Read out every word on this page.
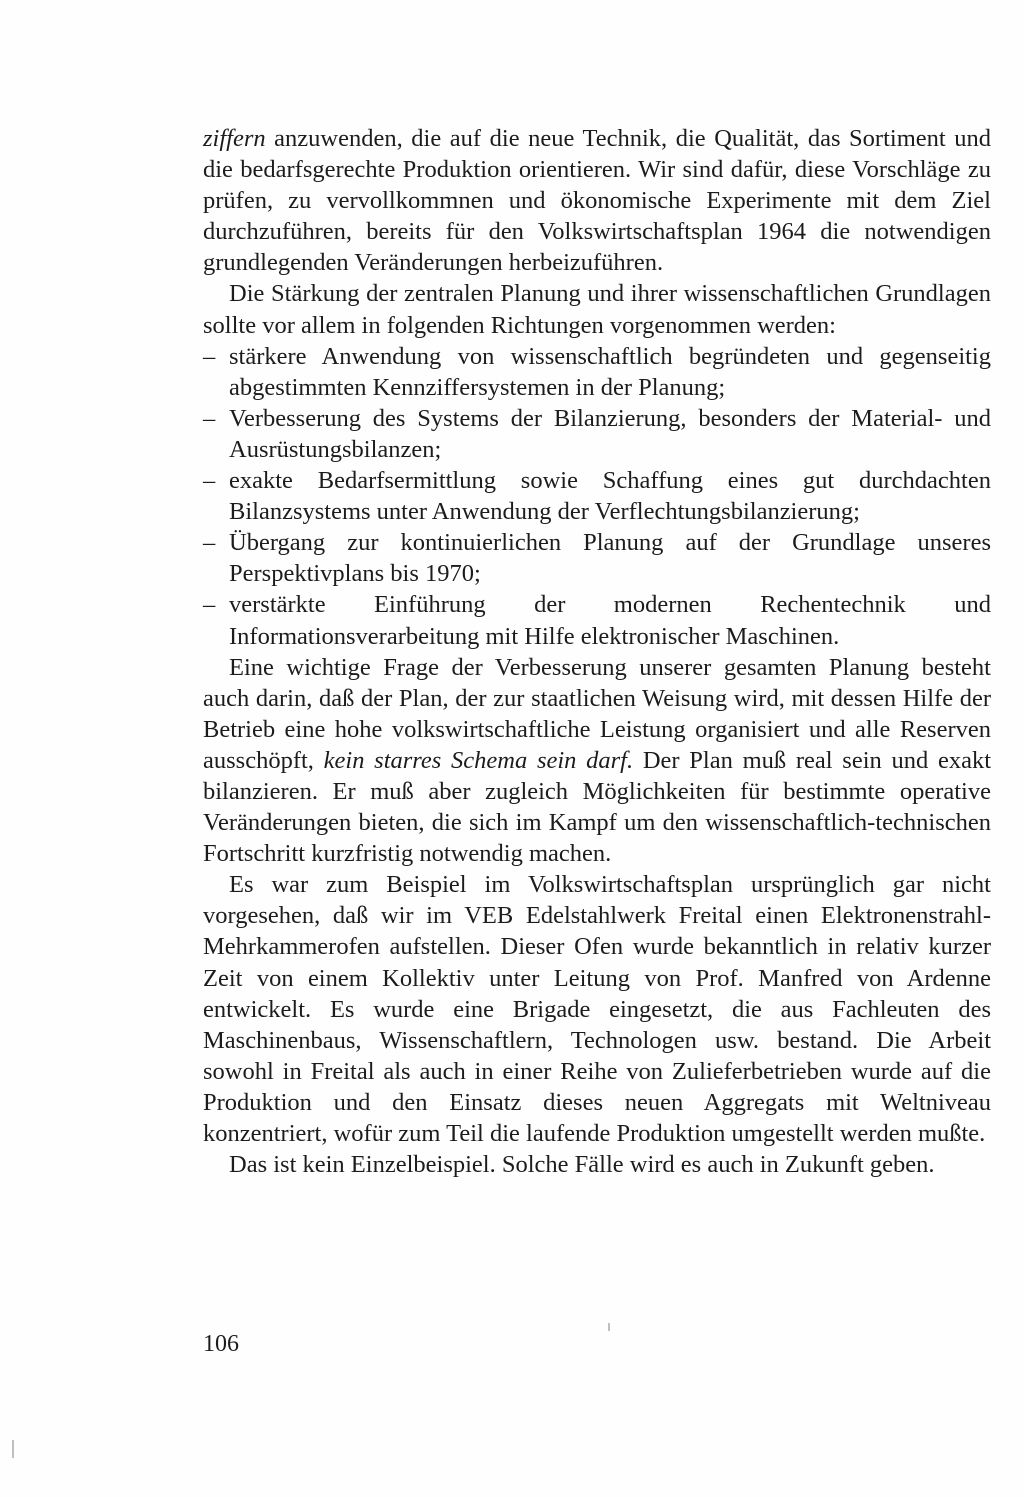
ziffern anzuwenden, die auf die neue Technik, die Qualität, das Sortiment und die bedarfsgerechte Produktion orientieren. Wir sind dafür, diese Vorschläge zu prüfen, zu vervollkommnen und ökonomische Experimente mit dem Ziel durchzuführen, bereits für den Volkswirtschaftsplan 1964 die notwendigen grundlegenden Veränderungen herbeizuführen.

Die Stärkung der zentralen Planung und ihrer wissenschaftlichen Grundlagen sollte vor allem in folgenden Richtungen vorgenommen werden:

– stärkere Anwendung von wissenschaftlich begründeten und gegenseitig abgestimmten Kennziffersystemen in der Planung;
– Verbesserung des Systems der Bilanzierung, besonders der Material- und Ausrüstungsbilanzen;
– exakte Bedarfsermittlung sowie Schaffung eines gut durchdachten Bilanzsystems unter Anwendung der Verflechtungsbilanzierung;
– Übergang zur kontinuierlichen Planung auf der Grundlage unseres Perspektivplans bis 1970;
– verstärkte Einführung der modernen Rechentechnik und Informationsverarbeitung mit Hilfe elektronischer Maschinen.

Eine wichtige Frage der Verbesserung unserer gesamten Planung besteht auch darin, daß der Plan, der zur staatlichen Weisung wird, mit dessen Hilfe der Betrieb eine hohe volkswirtschaftliche Leistung organisiert und alle Reserven ausschöpft, kein starres Schema sein darf. Der Plan muß real sein und exakt bilanzieren. Er muß aber zugleich Möglichkeiten für bestimmte operative Veränderungen bieten, die sich im Kampf um den wissenschaftlich-technischen Fortschritt kurzfristig notwendig machen.

Es war zum Beispiel im Volkswirtschaftsplan ursprünglich gar nicht vorgesehen, daß wir im VEB Edelstahlwerk Freital einen Elektronenstrahl-Mehrkammerofen aufstellen. Dieser Ofen wurde bekanntlich in relativ kurzer Zeit von einem Kollektiv unter Leitung von Prof. Manfred von Ardenne entwickelt. Es wurde eine Brigade eingesetzt, die aus Fachleuten des Maschinenbaus, Wissenschaftlern, Technologen usw. bestand. Die Arbeit sowohl in Freital als auch in einer Reihe von Zulieferbetrieben wurde auf die Produktion und den Einsatz dieses neuen Aggregats mit Weltniveau konzentriert, wofür zum Teil die laufende Produktion umgestellt werden mußte.

Das ist kein Einzelbeispiel. Solche Fälle wird es auch in Zukunft geben.

106
